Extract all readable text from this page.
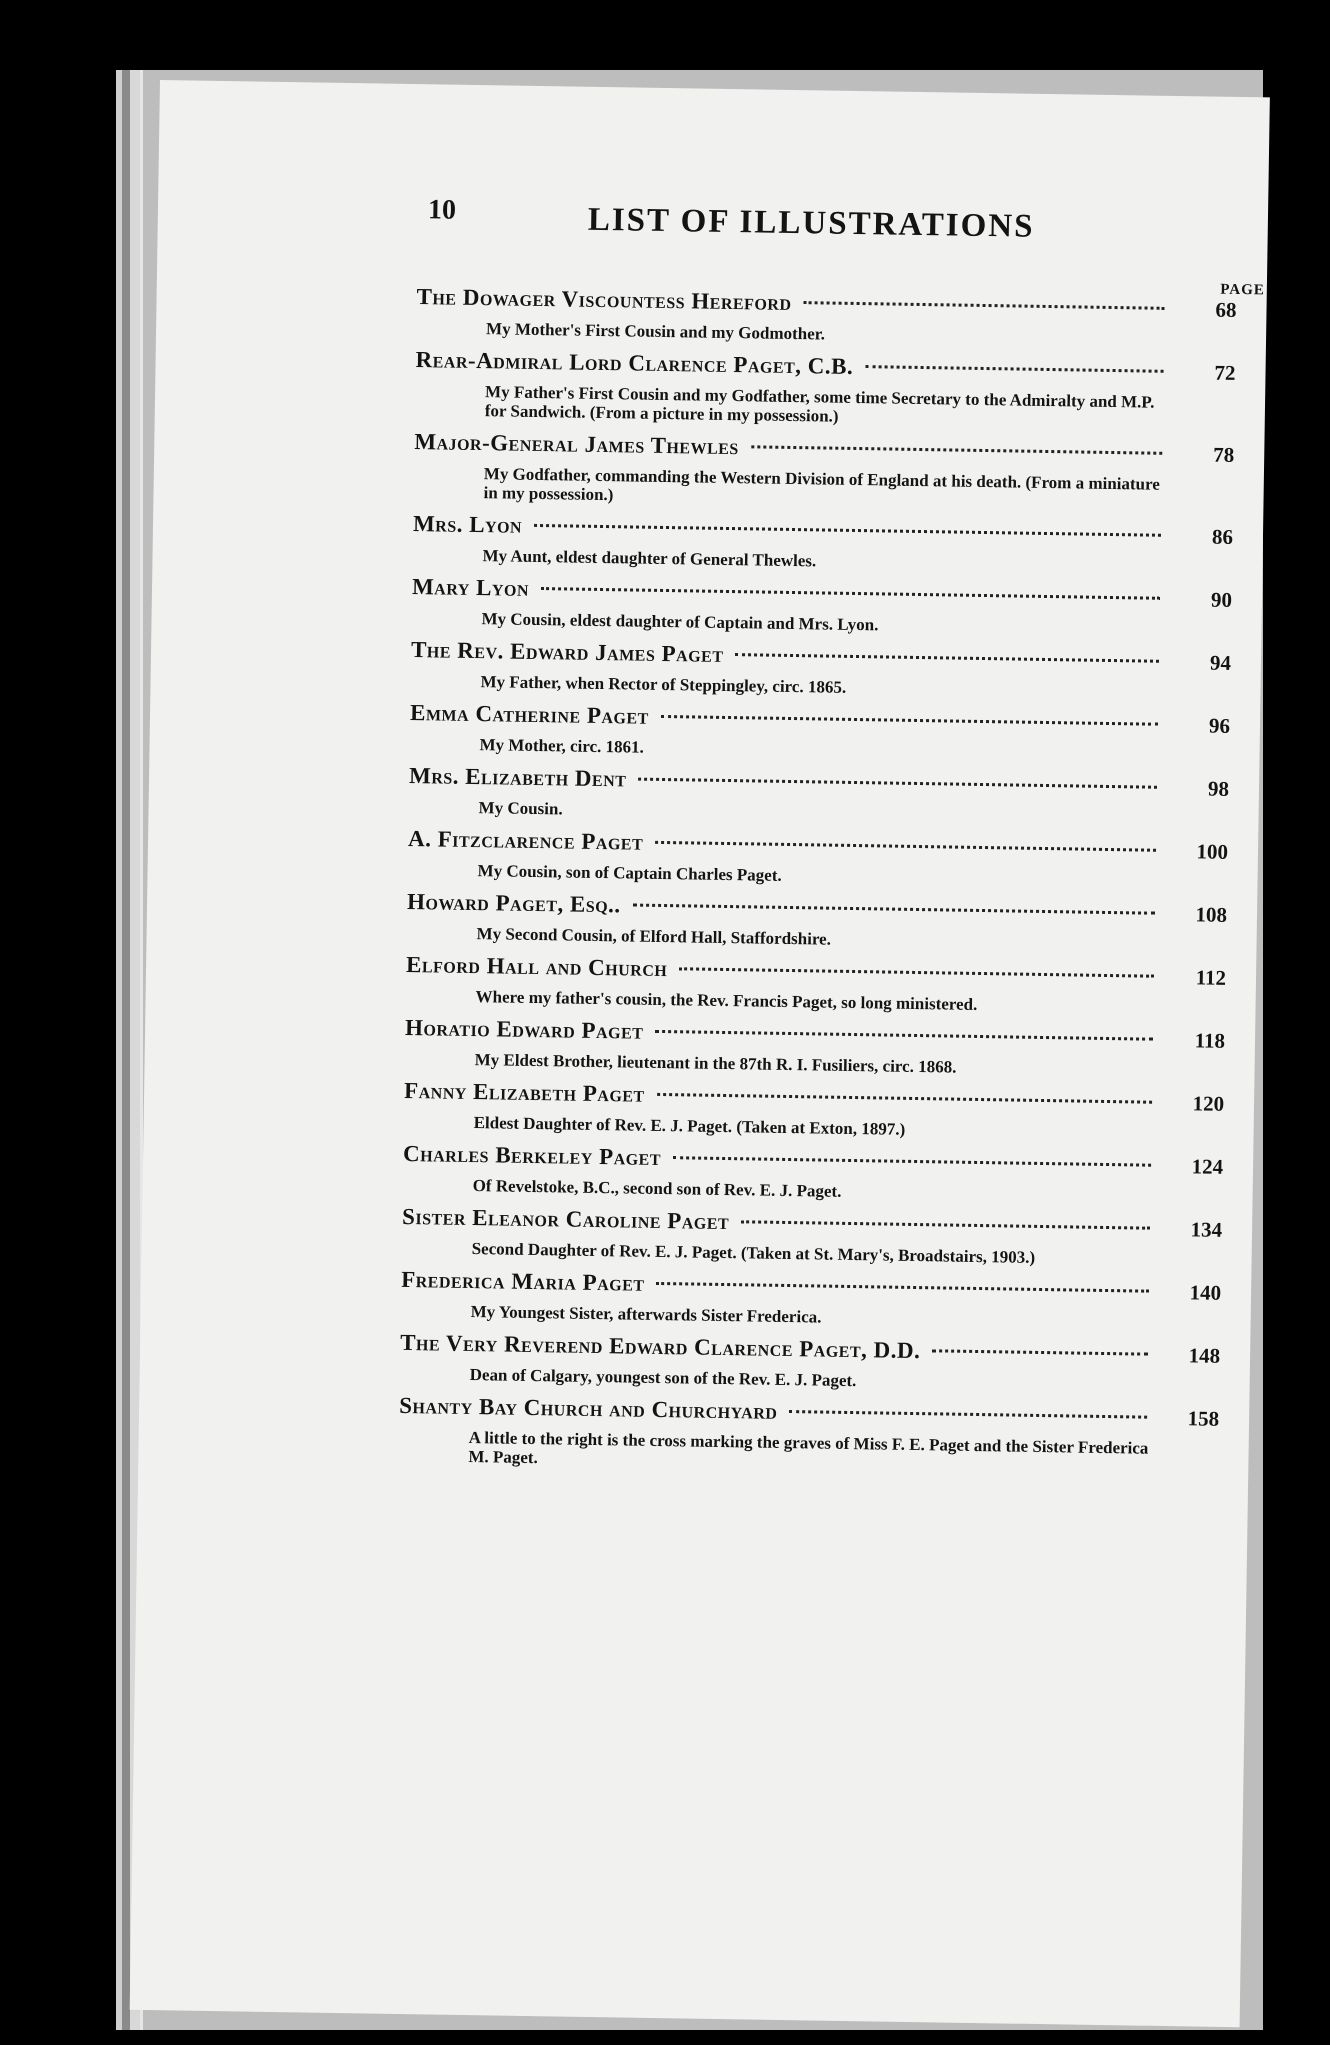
10	LIST OF ILLUSTRATIONS
PAGE
The Dowager Viscountess Hereford	68
My Mother's First Cousin and my Godmother.
Rear-Admiral Lord Clarence Paget, C.B.	72
My Father's First Cousin and my Godfather, some time Secretary to the Admiralty and M.P. for Sandwich. (From a picture in my possession.)
Major-General James Thewles	78
My Godfather, commanding the Western Division of England at his death. (From a miniature in my possession.)
Mrs. Lyon	86
My Aunt, eldest daughter of General Thewles.
Mary Lyon	90
My Cousin, eldest daughter of Captain and Mrs. Lyon.
The Rev. Edward James Paget	94
My Father, when Rector of Steppingley, circ. 1865.
Emma Catherine Paget	96
My Mother, circ. 1861.
Mrs. Elizabeth Dent	98
My Cousin.
A. Fitzclarence Paget	100
My Cousin, son of Captain Charles Paget.
Howard Paget, Esq..	108
My Second Cousin, of Elford Hall, Staffordshire.
Elford Hall and Church	112
Where my father's cousin, the Rev. Francis Paget, so long ministered.
Horatio Edward Paget	118
My Eldest Brother, lieutenant in the 87th R. I. Fusiliers, circ. 1868.
Fanny Elizabeth Paget	120
Eldest Daughter of Rev. E. J. Paget. (Taken at Exton, 1897.)
Charles Berkeley Paget	124
Of Revelstoke, B.C., second son of Rev. E. J. Paget.
Sister Eleanor Caroline Paget	134
Second Daughter of Rev. E. J. Paget. (Taken at St. Mary's, Broadstairs, 1903.)
Frederica Maria Paget	140
My Youngest Sister, afterwards Sister Frederica.
The Very Reverend Edward Clarence Paget, D.D.	148
Dean of Calgary, youngest son of the Rev. E. J. Paget.
Shanty Bay Church and Churchyard	158
A little to the right is the cross marking the graves of Miss F. E. Paget and the Sister Frederica M. Paget.
